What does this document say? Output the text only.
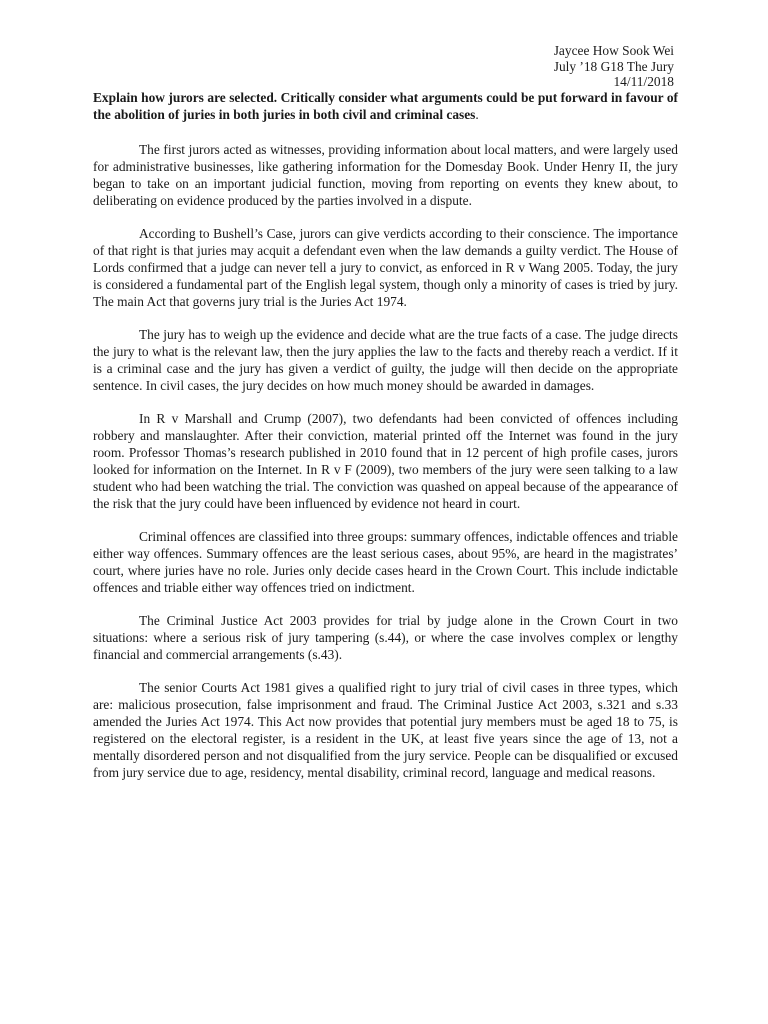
Jaycee How Sook Wei
July ’18 G18 The Jury
14/11/2018

Explain how jurors are selected. Critically consider what arguments could be put forward in favour of the abolition of juries in both juries in both civil and criminal cases.

The first jurors acted as witnesses, providing information about local matters, and were largely used for administrative businesses, like gathering information for the Domesday Book. Under Henry II, the jury began to take on an important judicial function, moving from reporting on events they knew about, to deliberating on evidence produced by the parties involved in a dispute.

According to Bushell’s Case, jurors can give verdicts according to their conscience. The importance of that right is that juries may acquit a defendant even when the law demands a guilty verdict. The House of Lords confirmed that a judge can never tell a jury to convict, as enforced in R v Wang 2005. Today, the jury is considered a fundamental part of the English legal system, though only a minority of cases is tried by jury. The main Act that governs jury trial is the Juries Act 1974.

The jury has to weigh up the evidence and decide what are the true facts of a case. The judge directs the jury to what is the relevant law, then the jury applies the law to the facts and thereby reach a verdict. If it is a criminal case and the jury has given a verdict of guilty, the judge will then decide on the appropriate sentence. In civil cases, the jury decides on how much money should be awarded in damages.

In R v Marshall and Crump (2007), two defendants had been convicted of offences including robbery and manslaughter. After their conviction, material printed off the Internet was found in the jury room. Professor Thomas’s research published in 2010 found that in 12 percent of high profile cases, jurors looked for information on the Internet. In R v F (2009), two members of the jury were seen talking to a law student who had been watching the trial. The conviction was quashed on appeal because of the appearance of the risk that the jury could have been influenced by evidence not heard in court.

Criminal offences are classified into three groups: summary offences, indictable offences and triable either way offences. Summary offences are the least serious cases, about 95%, are heard in the magistrates’ court, where juries have no role. Juries only decide cases heard in the Crown Court. This include indictable offences and triable either way offences tried on indictment.

The Criminal Justice Act 2003 provides for trial by judge alone in the Crown Court in two situations: where a serious risk of jury tampering (s.44), or where the case involves complex or lengthy financial and commercial arrangements (s.43).

The senior Courts Act 1981 gives a qualified right to jury trial of civil cases in three types, which are: malicious prosecution, false imprisonment and fraud. The Criminal Justice Act 2003, s.321 and s.33 amended the Juries Act 1974. This Act now provides that potential jury members must be aged 18 to 75, is registered on the electoral register, is a resident in the UK, at least five years since the age of 13, not a mentally disordered person and not disqualified from the jury service. People can be disqualified or excused from jury service due to age, residency, mental disability, criminal record, language and medical reasons.
